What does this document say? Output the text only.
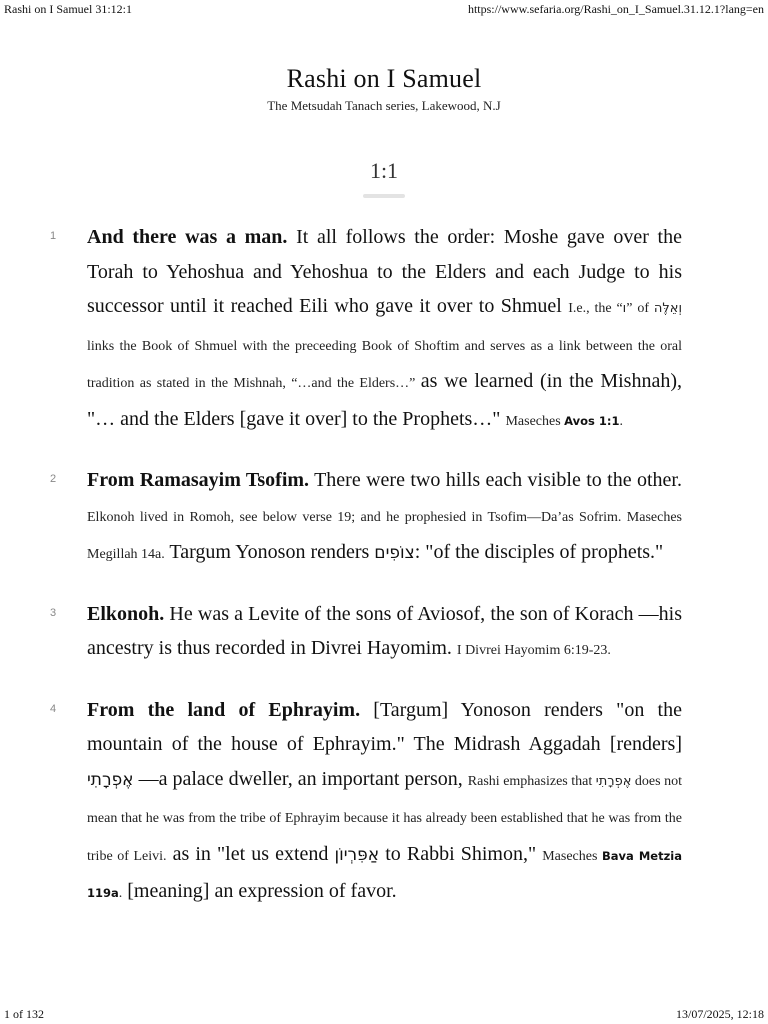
Rashi on I Samuel 31:12:1	https://www.sefaria.org/Rashi_on_I_Samuel.31.12.1?lang=en
Rashi on I Samuel
The Metsudah Tanach series, Lakewood, N.J
1:1
1 And there was a man. It all follows the order: Moshe gave over the Torah to Yehoshua and Yehoshua to the Elders and each Judge to his successor until it reached Eili who gave it over to Shmuel I.e., the “ו” of וְאֵלֶּה links the Book of Shmuel with the preceeding Book of Shoftim and serves as a link between the oral tradition as stated in the Mishnah, “…and the Elders…” as we learned (in the Mishnah), "… and the Elders [gave it over] to the Prophets…" Maseches Avos 1:1.
2 From Ramasayim Tsofim. There were two hills each visible to the other. Elkonoh lived in Romoh, see below verse 19; and he prophesied in Tsofim—Da’as Sofrim. Maseches Megillah 14a. Targum Yonoson renders צוֹפִים: "of the disciples of prophets."
3 Elkonoh. He was a Levite of the sons of Aviosof, the son of Korach —his ancestry is thus recorded in Divrei Hayomim. I Divrei Hayomim 6:19-23.
4 From the land of Ephrayim. [Targum] Yonoson renders "on the mountain of the house of Ephrayim." The Midrash Aggadah [renders] אֶפְרָתִי —a palace dweller, an important person, Rashi emphasizes that אֶפְרָתִי does not mean that he was from the tribe of Ephrayim because it has already been established that he was from the tribe of Leivi. as in "let us extend אַפִּרְיוֹן to Rabbi Shimon," Maseches Bava Metzia 119a. [meaning] an expression of favor.
1 of 132	13/07/2025, 12:18
